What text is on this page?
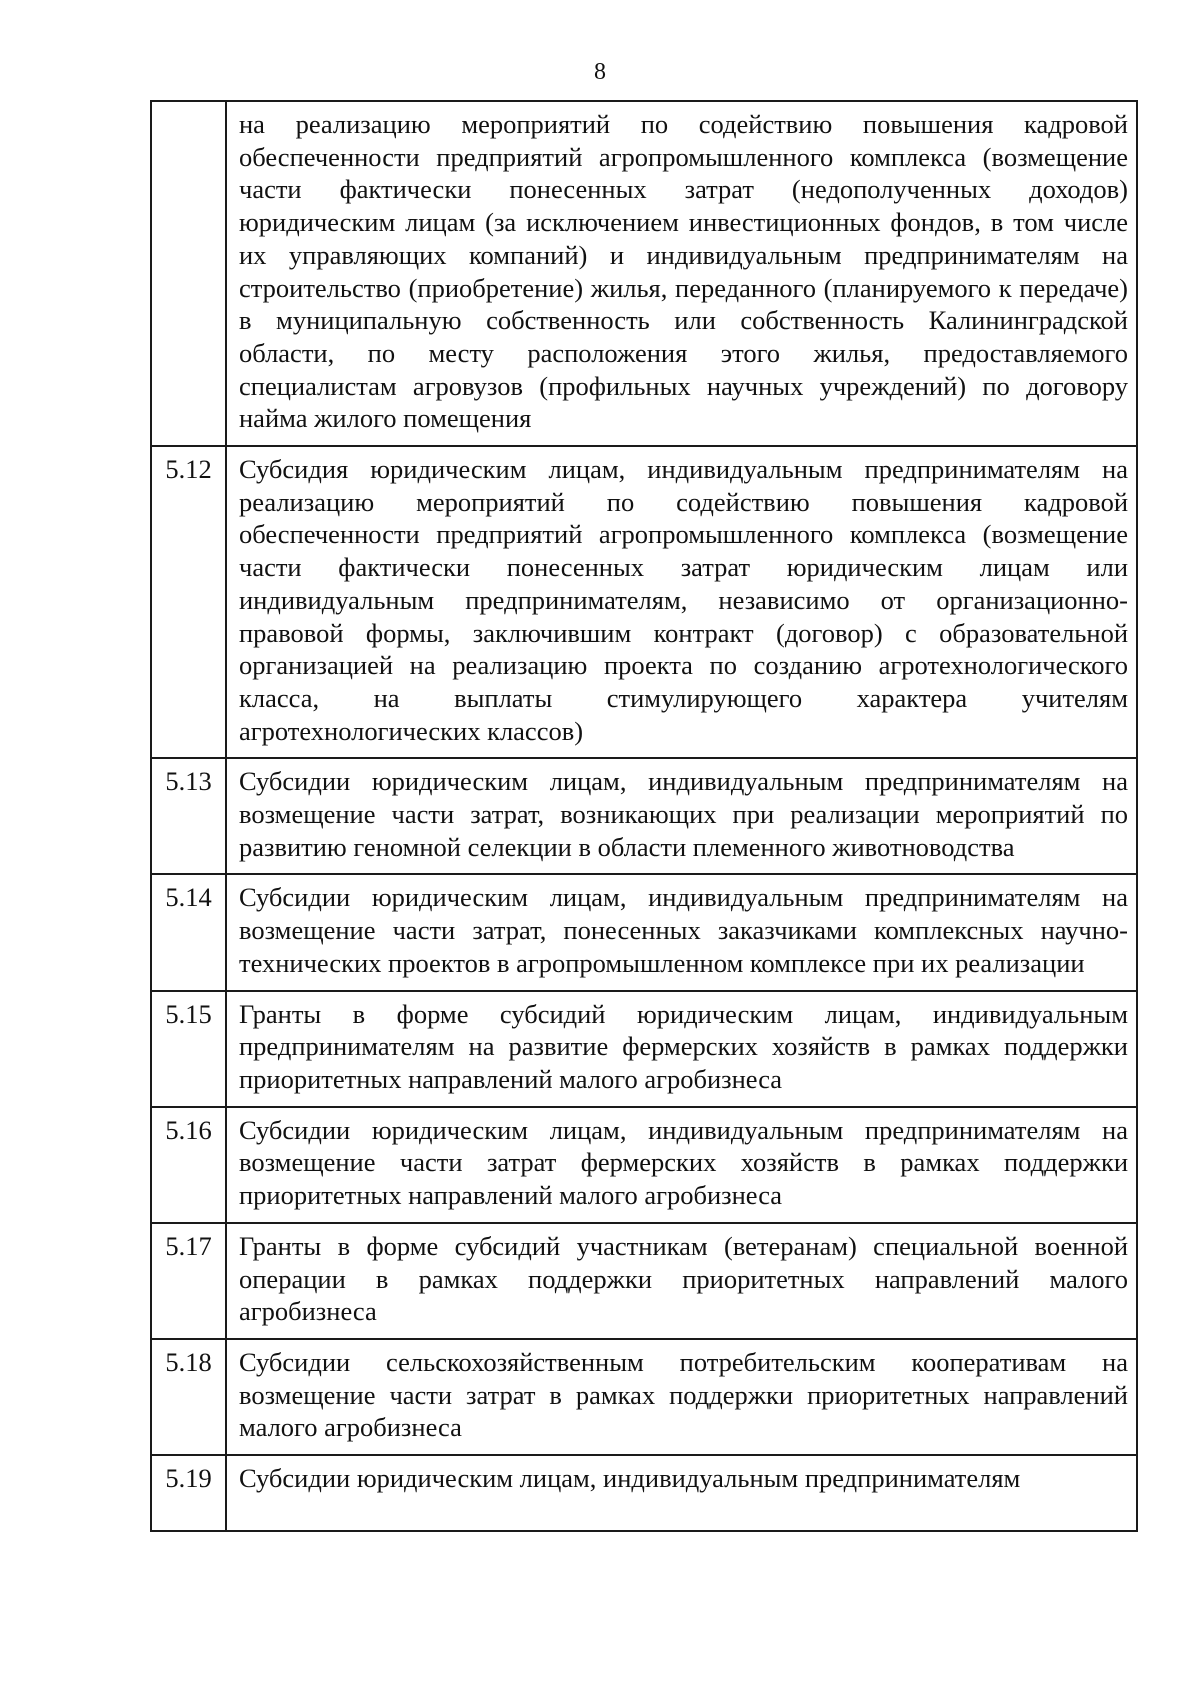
8
	на реализацию мероприятий по содействию повышения кадровой обеспеченности предприятий агропромышленного комплекса (возмещение части фактически понесенных затрат (недополученных доходов) юридическим лицам (за исключением инвестиционных фондов, в том числе их управляющих компаний) и индивидуальным предпринимателям на строительство (приобретение) жилья, переданного (планируемого к передаче) в муниципальную собственность или собственность Калининградской области, по месту расположения этого жилья, предоставляемого специалистам агровузов (профильных научных учреждений) по договору найма жилого помещения
5.12	Субсидия юридическим лицам, индивидуальным предпринимателям на реализацию мероприятий по содействию повышения кадровой обеспеченности предприятий агропромышленного комплекса (возмещение части фактически понесенных затрат юридическим лицам или индивидуальным предпринимателям, независимо от организационно-правовой формы, заключившим контракт (договор) с образовательной организацией на реализацию проекта по созданию агротехнологического класса, на выплаты стимулирующего характера учителям агротехнологических классов)
5.13	Субсидии юридическим лицам, индивидуальным предпринимателям на возмещение части затрат, возникающих при реализации мероприятий по развитию геномной селекции в области племенного животноводства
5.14	Субсидии юридическим лицам, индивидуальным предпринимателям на возмещение части затрат, понесенных заказчиками комплексных научно-технических проектов в агропромышленном комплексе при их реализации
5.15	Гранты в форме субсидий юридическим лицам, индивидуальным предпринимателям на развитие фермерских хозяйств в рамках поддержки приоритетных направлений малого агробизнеса
5.16	Субсидии юридическим лицам, индивидуальным предпринимателям на возмещение части затрат фермерских хозяйств в рамках поддержки приоритетных направлений малого агробизнеса
5.17	Гранты в форме субсидий участникам (ветеранам) специальной военной операции в рамках поддержки приоритетных направлений малого агробизнеса
5.18	Субсидии сельскохозяйственным потребительским кооперативам на возмещение части затрат в рамках поддержки приоритетных направлений малого агробизнеса
5.19	Субсидии юридическим лицам, индивидуальным предпринимателям
